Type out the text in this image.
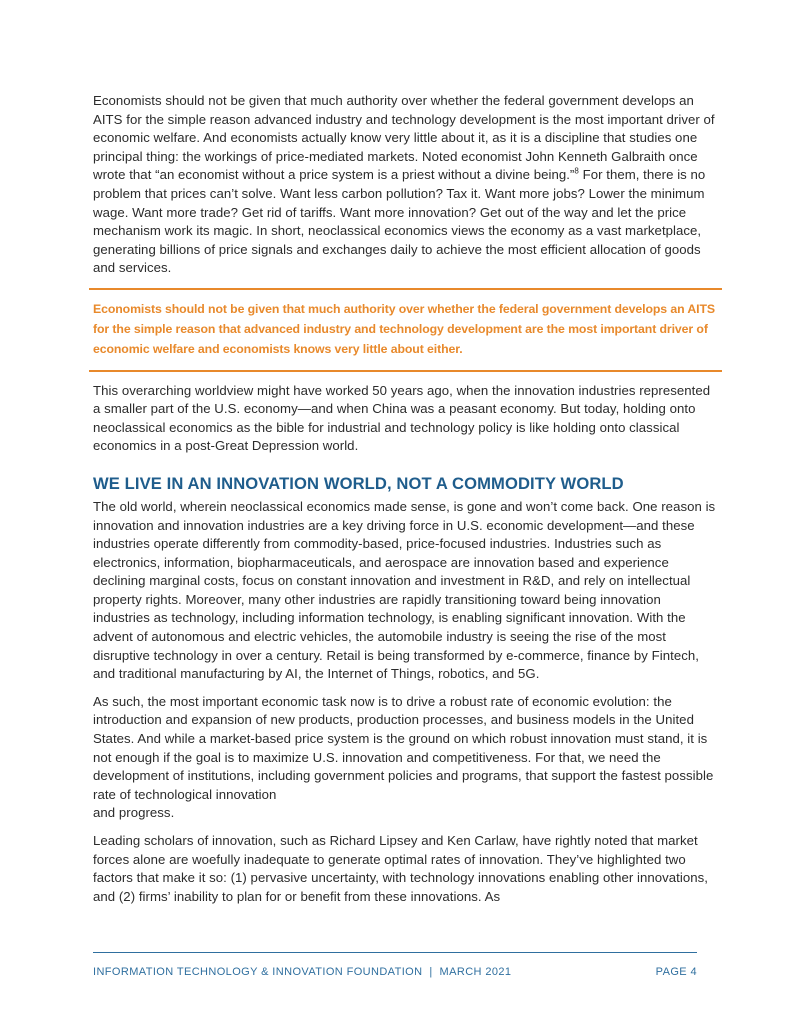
Economists should not be given that much authority over whether the federal government develops an AITS for the simple reason advanced industry and technology development is the most important driver of economic welfare. And economists actually know very little about it, as it is a discipline that studies one principal thing: the workings of price-mediated markets. Noted economist John Kenneth Galbraith once wrote that “an economist without a price system is a priest without a divine being.”$^8$ For them, there is no problem that prices can’t solve. Want less carbon pollution? Tax it. Want more jobs? Lower the minimum wage. Want more trade? Get rid of tariffs. Want more innovation? Get out of the way and let the price mechanism work its magic. In short, neoclassical economics views the economy as a vast marketplace, generating billions of price signals and exchanges daily to achieve the most efficient allocation of goods and services.

Economists should not be given that much authority over whether the federal government develops an AITS for the simple reason that advanced industry and technology development are the most important driver of economic welfare and economists knows very little about either.

This overarching worldview might have worked 50 years ago, when the innovation industries represented a smaller part of the U.S. economy—and when China was a peasant economy. But today, holding onto neoclassical economics as the bible for industrial and technology policy is like holding onto classical economics in a post-Great Depression world.

WE LIVE IN AN INNOVATION WORLD, NOT A COMMODITY WORLD

The old world, wherein neoclassical economics made sense, is gone and won’t come back. One reason is innovation and innovation industries are a key driving force in U.S. economic development—and these industries operate differently from commodity-based, price-focused industries. Industries such as electronics, information, biopharmaceuticals, and aerospace are innovation based and experience declining marginal costs, focus on constant innovation and investment in R&D, and rely on intellectual property rights. Moreover, many other industries are rapidly transitioning toward being innovation industries as technology, including information technology, is enabling significant innovation. With the advent of autonomous and electric vehicles, the automobile industry is seeing the rise of the most disruptive technology in over a century. Retail is being transformed by e-commerce, finance by Fintech, and traditional manufacturing by AI, the Internet of Things, robotics, and 5G.

As such, the most important economic task now is to drive a robust rate of economic evolution: the introduction and expansion of new products, production processes, and business models in the United States. And while a market-based price system is the ground on which robust innovation must stand, it is not enough if the goal is to maximize U.S. innovation and competitiveness. For that, we need the development of institutions, including government policies and programs, that support the fastest possible rate of technological innovation
and progress.

Leading scholars of innovation, such as Richard Lipsey and Ken Carlaw, have rightly noted that market forces alone are woefully inadequate to generate optimal rates of innovation. They’ve highlighted two factors that make it so: (1) pervasive uncertainty, with technology innovations enabling other innovations, and (2) firms’ inability to plan for or benefit from these innovations. As

INFORMATION TECHNOLOGY & INNOVATION FOUNDATION  |  MARCH 2021	PAGE 4
